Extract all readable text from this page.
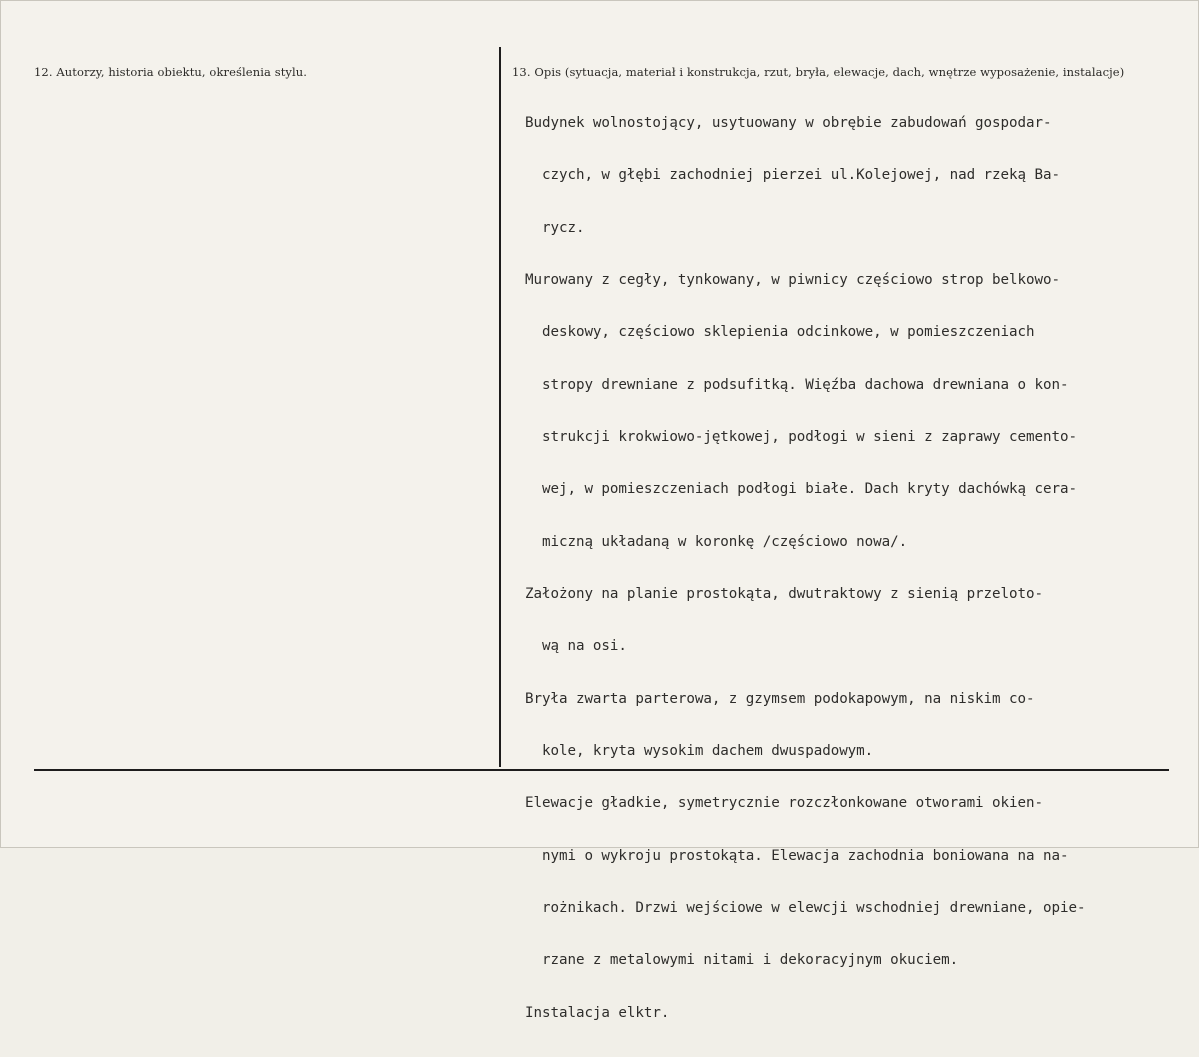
12. Autorzy, historia obiektu, określenia stylu.	13. Opis (sytuacja, materiał i konstrukcja, rzut, bryła, elewacje, dach, wnętrze wyposażenie, instalacje)

Budynek wolnostojący, usytuowany w obrębie zabudowań gospodar-

czych, w głębi zachodniej pierzei ul.Kolejowej, nad rzeką Ba-

rycz.

Murowany z cegły, tynkowany, w piwnicy częściowo strop belkowo-

deskowy, częściowo sklepienia odcinkowe, w pomieszczeniach

stropy drewniane z podsufitką. Więźba dachowa drewniana o kon-

strukcji krokwiowo-jętkowej, podłogi w sieni z zaprawy cemento-

wej, w pomieszczeniach podłogi białe. Dach kryty dachówką cera-

miczną układaną w koronkę /częściowo nowa/.

Założony na planie prostokąta, dwutraktowy z sienią przeloto-

wą na osi.

Bryła zwarta parterowa, z gzymsem podokapowym, na niskim co-

kole, kryta wysokim dachem dwuspadowym.

Elewacje gładkie, symetrycznie rozczłonkowane otworami okien-

nymi o wykroju prostokąta. Elewacja zachodnia boniowana na na-

rożnikach. Drzwi wejściowe w elewcji wschodniej drewniane, opie-

rzane z metalowymi nitami i dekoracyjnym okuciem.

Instalacja elktr.
